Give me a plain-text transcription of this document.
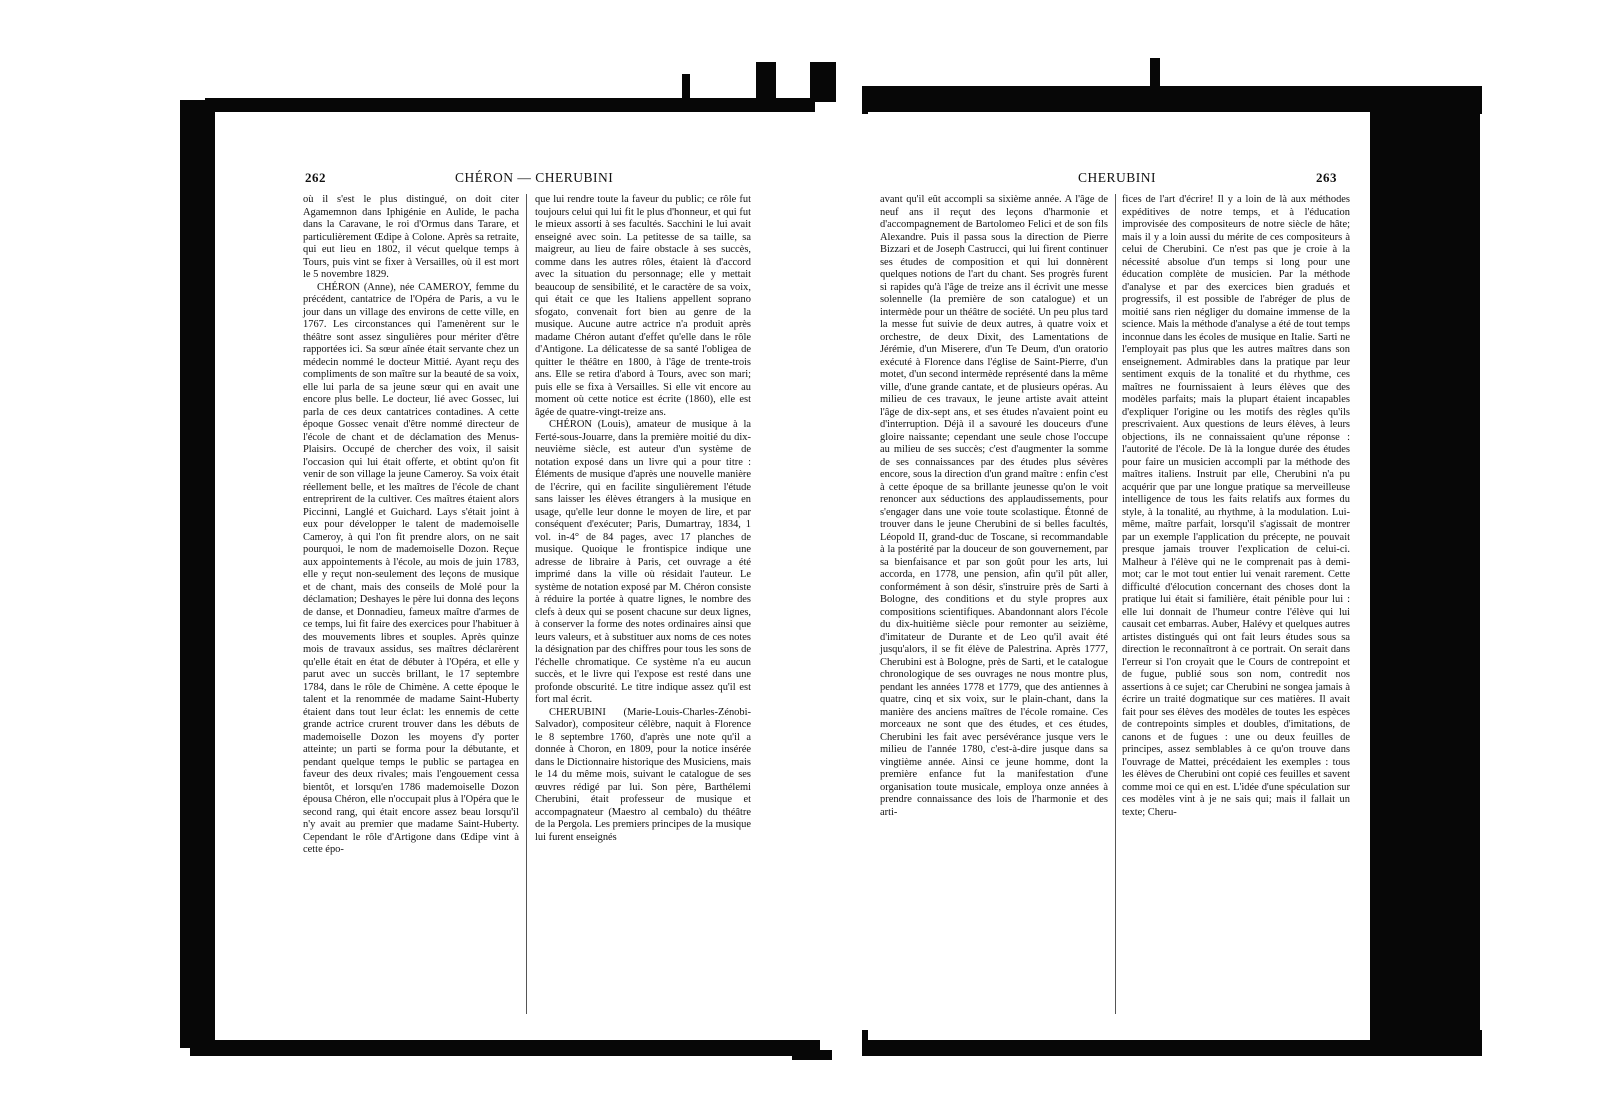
262	CHÉRON — CHERUBINI

où il s'est le plus distingué, on doit citer Agamemnon dans Iphigénie en Aulide, le pacha dans la Caravane, le roi d'Ormus dans Tarare, et particulièrement Œdipe à Colone. Après sa retraite, qui eut lieu en 1802, il vécut quelque temps à Tours, puis vint se fixer à Versailles, où il est mort le 5 novembre 1829.

CHÉRON (Anne), née CAMEROY, femme du précédent, cantatrice de l'Opéra de Paris, a vu le jour dans un village des environs de cette ville, en 1767. Les circonstances qui l'amenèrent sur le théâtre sont assez singulières pour mériter d'être rapportées ici. Sa sœur aînée était servante chez un médecin nommé le docteur Mittié. Ayant reçu des compliments de son maître sur la beauté de sa voix, elle lui parla de sa jeune sœur qui en avait une encore plus belle. Le docteur, lié avec Gossec, lui parla de ces deux cantatrices contadines. A cette époque Gossec venait d'être nommé directeur de l'école de chant et de déclamation des Menus-Plaisirs. Occupé de chercher des voix, il saisit l'occasion qui lui était offerte, et obtint qu'on fit venir de son village la jeune Cameroy. Sa voix était réellement belle, et les maîtres de l'école de chant entreprirent de la cultiver. Ces maîtres étaient alors Piccinni, Langlé et Guichard. Lays s'était joint à eux pour développer le talent de mademoiselle Cameroy, à qui l'on fit prendre alors, on ne sait pourquoi, le nom de mademoiselle Dozon. Reçue aux appointements à l'école, au mois de juin 1783, elle y reçut non-seulement des leçons de musique et de chant, mais des conseils de Molé pour la déclamation; Deshayes le père lui donna des leçons de danse, et Donnadieu, fameux maître d'armes de ce temps, lui fit faire des exercices pour l'habituer à des mouvements libres et souples. Après quinze mois de travaux assidus, ses maîtres déclarèrent qu'elle était en état de débuter à l'Opéra, et elle y parut avec un succès brillant, le 17 septembre 1784, dans le rôle de Chimène. A cette époque le talent et la renommée de madame Saint-Huberty étaient dans tout leur éclat: les ennemis de cette grande actrice crurent trouver dans les débuts de mademoiselle Dozon les moyens d'y porter atteinte; un parti se forma pour la débutante, et pendant quelque temps le public se partagea en faveur des deux rivales; mais l'engouement cessa bientôt, et lorsqu'en 1786 mademoiselle Dozon épousa Chéron, elle n'occupait plus à l'Opéra que le second rang, qui était encore assez beau lorsqu'il n'y avait au premier que madame Saint-Huberty. Cependant le rôle d'Artigone dans Œdipe vint à cette épo-

que lui rendre toute la faveur du public; ce rôle fut toujours celui qui lui fit le plus d'honneur, et qui fut le mieux assorti à ses facultés. Sacchini le lui avait enseigné avec soin. La petitesse de sa taille, sa maigreur, au lieu de faire obstacle à ses succès, comme dans les autres rôles, étaient là d'accord avec la situation du personnage; elle y mettait beaucoup de sensibilité, et le caractère de sa voix, qui était ce que les Italiens appellent soprano sfogato, convenait fort bien au genre de la musique. Aucune autre actrice n'a produit après madame Chéron autant d'effet qu'elle dans le rôle d'Antigone. La délicatesse de sa santé l'obligea de quitter le théâtre en 1800, à l'âge de trente-trois ans. Elle se retira d'abord à Tours, avec son mari; puis elle se fixa à Versailles. Si elle vit encore au moment où cette notice est écrite (1860), elle est âgée de quatre-vingt-treize ans.

CHÉRON (Louis), amateur de musique à la Ferté-sous-Jouarre, dans la première moitié du dix-neuvième siècle, est auteur d'un système de notation exposé dans un livre qui a pour titre : Éléments de musique d'après une nouvelle manière de l'écrire, qui en facilite singulièrement l'étude sans laisser les élèves étrangers à la musique en usage, qu'elle leur donne le moyen de lire, et par conséquent d'exécuter; Paris, Dumartray, 1834, 1 vol. in-4° de 84 pages, avec 17 planches de musique. Quoique le frontispice indique une adresse de libraire à Paris, cet ouvrage a été imprimé dans la ville où résidait l'auteur. Le système de notation exposé par M. Chéron consiste à réduire la portée à quatre lignes, le nombre des clefs à deux qui se posent chacune sur deux lignes, à conserver la forme des notes ordinaires ainsi que leurs valeurs, et à substituer aux noms de ces notes la désignation par des chiffres pour tous les sons de l'échelle chromatique. Ce système n'a eu aucun succès, et le livre qui l'expose est resté dans une profonde obscurité. Le titre indique assez qu'il est fort mal écrit.

CHERUBINI (Marie-Louis-Charles-Zénobi-Salvador), compositeur célèbre, naquit à Florence le 8 septembre 1760, d'après une note qu'il a donnée à Choron, en 1809, pour la notice insérée dans le Dictionnaire historique des Musiciens, mais le 14 du même mois, suivant le catalogue de ses œuvres rédigé par lui. Son père, Barthélemi Cherubini, était professeur de musique et accompagnateur (Maestro al cembalo) du théâtre de la Pergola. Les premiers principes de la musique lui furent enseignés

CHERUBINI	263

avant qu'il eût accompli sa sixième année. A l'âge de neuf ans il reçut des leçons d'harmonie et d'accompagnement de Bartolomeo Felici et de son fils Alexandre. Puis il passa sous la direction de Pierre Bizzari et de Joseph Castrucci, qui lui firent continuer ses études de composition et qui lui donnèrent quelques notions de l'art du chant. Ses progrès furent si rapides qu'à l'âge de treize ans il écrivit une messe solennelle (la première de son catalogue) et un intermède pour un théâtre de société. Un peu plus tard la messe fut suivie de deux autres, à quatre voix et orchestre, de deux Dixit, des Lamentations de Jérémie, d'un Miserere, d'un Te Deum, d'un oratorio exécuté à Florence dans l'église de Saint-Pierre, d'un motet, d'un second intermède représenté dans la même ville, d'une grande cantate, et de plusieurs opéras. Au milieu de ces travaux, le jeune artiste avait atteint l'âge de dix-sept ans, et ses études n'avaient point eu d'interruption. Déjà il a savouré les douceurs d'une gloire naissante; cependant une seule chose l'occupe au milieu de ses succès; c'est d'augmenter la somme de ses connaissances par des études plus sévères encore, sous la direction d'un grand maître : enfin c'est à cette époque de sa brillante jeunesse qu'on le voit renoncer aux séductions des applaudissements, pour s'engager dans une voie toute scolastique. Étonné de trouver dans le jeune Cherubini de si belles facultés, Léopold II, grand-duc de Toscane, si recommandable à la postérité par la douceur de son gouvernement, par sa bienfaisance et par son goût pour les arts, lui accorda, en 1778, une pension, afin qu'il pût aller, conformément à son désir, s'instruire près de Sarti à Bologne, des conditions et du style propres aux compositions scientifiques. Abandonnant alors l'école du dix-huitième siècle pour remonter au seizième, d'imitateur de Durante et de Leo qu'il avait été jusqu'alors, il se fit élève de Palestrina. Après 1777, Cherubini est à Bologne, près de Sarti, et le catalogue chronologique de ses ouvrages ne nous montre plus, pendant les années 1778 et 1779, que des antiennes à quatre, cinq et six voix, sur le plain-chant, dans la manière des anciens maîtres de l'école romaine. Ces morceaux ne sont que des études, et ces études, Cherubini les fait avec persévérance jusque vers le milieu de l'année 1780, c'est-à-dire jusque dans sa vingtième année. Ainsi ce jeune homme, dont la première enfance fut la manifestation d'une organisation toute musicale, employa onze années à prendre connaissance des lois de l'harmonie et des arti-

fices de l'art d'écrire! Il y a loin de là aux méthodes expéditives de notre temps, et à l'éducation improvisée des compositeurs de notre siècle de hâte; mais il y a loin aussi du mérite de ces compositeurs à celui de Cherubini. Ce n'est pas que je croie à la nécessité absolue d'un temps si long pour une éducation complète de musicien. Par la méthode d'analyse et par des exercices bien gradués et progressifs, il est possible de l'abréger de plus de moitié sans rien négliger du domaine immense de la science. Mais la méthode d'analyse a été de tout temps inconnue dans les écoles de musique en Italie. Sarti ne l'employait pas plus que les autres maîtres dans son enseignement. Admirables dans la pratique par leur sentiment exquis de la tonalité et du rhythme, ces maîtres ne fournissaient à leurs élèves que des modèles parfaits; mais la plupart étaient incapables d'expliquer l'origine ou les motifs des règles qu'ils prescrivaient. Aux questions de leurs élèves, à leurs objections, ils ne connaissaient qu'une réponse : l'autorité de l'école. De là la longue durée des études pour faire un musicien accompli par la méthode des maîtres italiens. Instruit par elle, Cherubini n'a pu acquérir que par une longue pratique sa merveilleuse intelligence de tous les faits relatifs aux formes du style, à la tonalité, au rhythme, à la modulation. Lui-même, maître parfait, lorsqu'il s'agissait de montrer par un exemple l'application du précepte, ne pouvait presque jamais trouver l'explication de celui-ci. Malheur à l'élève qui ne le comprenait pas à demi-mot; car le mot tout entier lui venait rarement. Cette difficulté d'élocution concernant des choses dont la pratique lui était si familière, était pénible pour lui : elle lui donnait de l'humeur contre l'élève qui lui causait cet embarras. Auber, Halévy et quelques autres artistes distingués qui ont fait leurs études sous sa direction le reconnaîtront à ce portrait. On serait dans l'erreur si l'on croyait que le Cours de contrepoint et de fugue, publié sous son nom, contredit nos assertions à ce sujet; car Cherubini ne songea jamais à écrire un traité dogmatique sur ces matières. Il avait fait pour ses élèves des modèles de toutes les espèces de contrepoints simples et doubles, d'imitations, de canons et de fugues : une ou deux feuilles de principes, assez semblables à ce qu'on trouve dans l'ouvrage de Mattei, précédaient les exemples : tous les élèves de Cherubini ont copié ces feuilles et savent comme moi ce qui en est. L'idée d'une spéculation sur ces modèles vint à je ne sais qui; mais il fallait un texte; Cheru-
